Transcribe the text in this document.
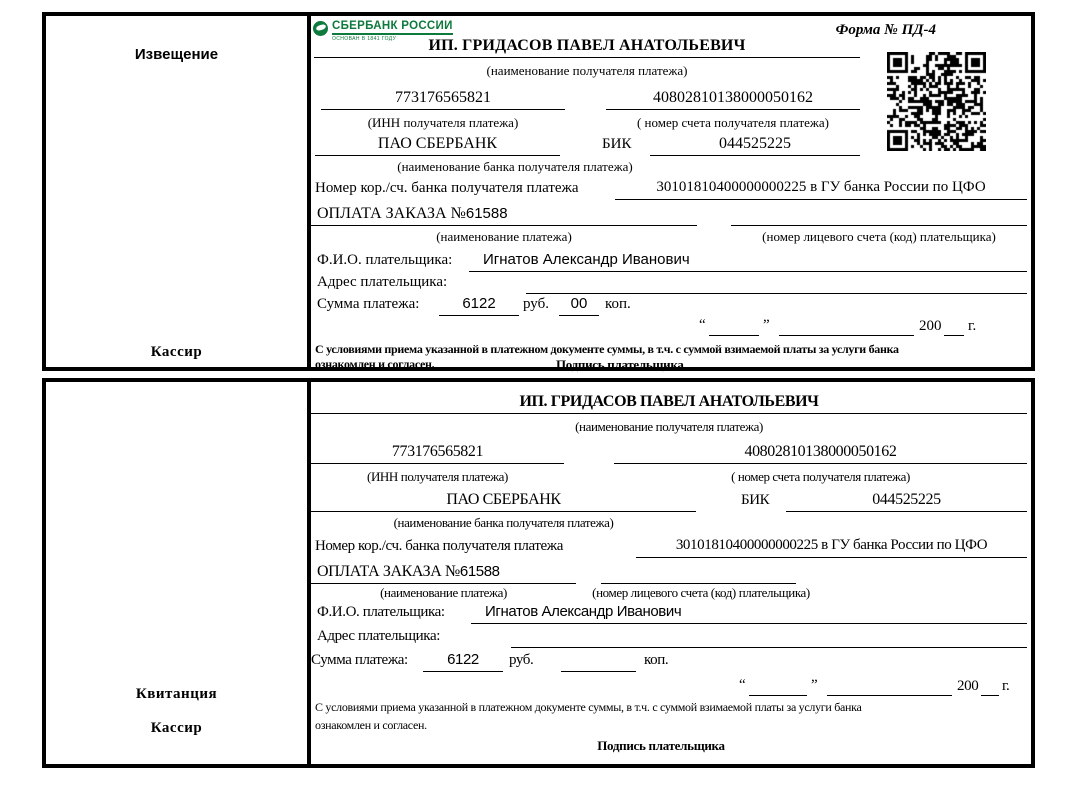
Извещение
Кассир
СБЕРБАНК РОССИИ
ОСНОВАН В 1841 ГОДУ
Форма № ПД-4
ИП. ГРИДАСОВ ПАВЕЛ АНАТОЛЬЕВИЧ
(наименование получателя платежа)
773176565821	40802810138000050162
(ИНН получателя платежа)	( номер счета получателя платежа)
ПАО СБЕРБАНК	БИК	044525225
(наименование банка получателя платежа)
Номер кор./сч. банка получателя платежа	30101810400000000225 в ГУ банка России по ЦФО
ОПЛАТА ЗАКАЗА №61588
(наименование платежа)	(номер лицевого счета (код) плательщика)
Ф.И.О. плательщика:	Игнатов Александр Иванович
Адрес плательщика:
Сумма платежа:	6122	руб.	00	коп.
“	”	200 г.
С условиями приема указанной в платежном документе суммы, в т.ч. с суммой взимаемой платы за услуги банка
ознакомлен и согласен.	Подпись плательщика
Квитанция
Кассир
ИП. ГРИДАСОВ ПАВЕЛ АНАТОЛЬЕВИЧ
(наименование получателя платежа)
773176565821	40802810138000050162
(ИНН получателя платежа)	( номер счета получателя платежа)
ПАО СБЕРБАНК	БИК	044525225
(наименование банка получателя платежа)
Номер кор./сч. банка получателя платежа	30101810400000000225 в ГУ банка России по ЦФО
ОПЛАТА ЗАКАЗА №61588
(наименование платежа)	(номер лицевого счета (код) плательщика)
Ф.И.О. плательщика:	Игнатов Александр Иванович
Адрес плательщика:
Сумма платежа:	6122	руб.	коп.
“	”	200 г.
С условиями приема указанной в платежном документе суммы, в т.ч. с суммой взимаемой платы за услуги банка
ознакомлен и согласен.
Подпись плательщика
